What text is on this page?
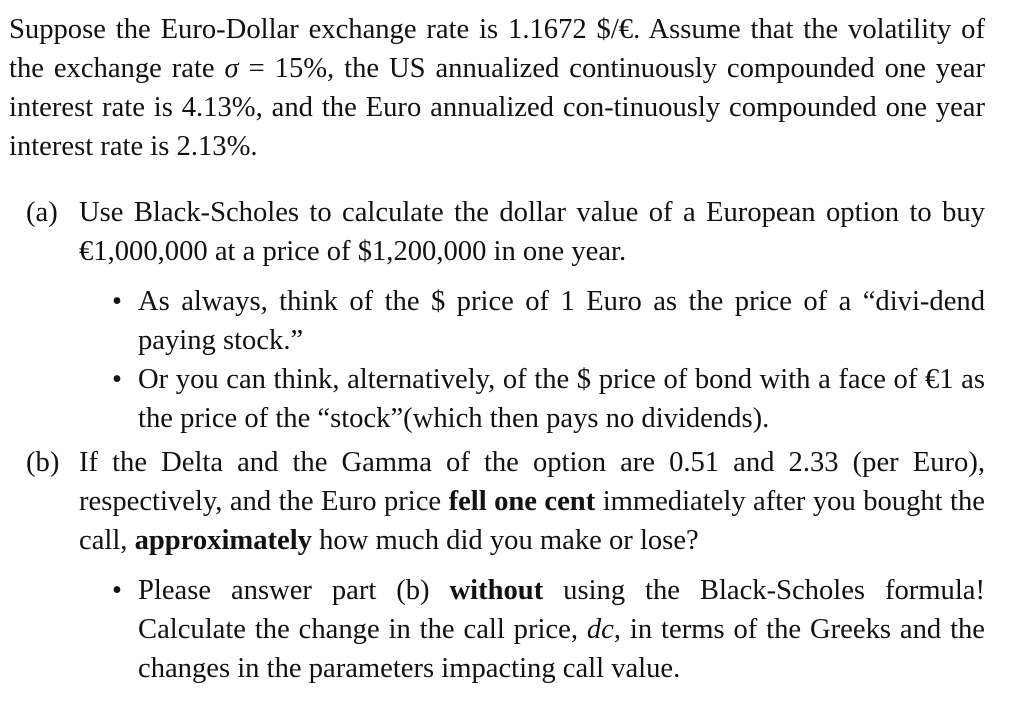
Suppose the Euro-Dollar exchange rate is 1.1672 $/€. Assume that the volatility of the exchange rate σ = 15%, the US annualized continuously compounded one year interest rate is 4.13%, and the Euro annualized con-tinuously compounded one year interest rate is 2.13%.

(a) Use Black-Scholes to calculate the dollar value of a European option to buy €1,000,000 at a price of $1,200,000 in one year.
• As always, think of the $ price of 1 Euro as the price of a “divi-dend paying stock.”
• Or you can think, alternatively, of the $ price of bond with a face of €1 as the price of the “stock”(which then pays no dividends).
(b) If the Delta and the Gamma of the option are 0.51 and 2.33 (per Euro), respectively, and the Euro price fell one cent immediately after you bought the call, approximately how much did you make or lose?
• Please answer part (b) without using the Black-Scholes formula! Calculate the change in the call price, dc, in terms of the Greeks and the changes in the parameters impacting call value.
